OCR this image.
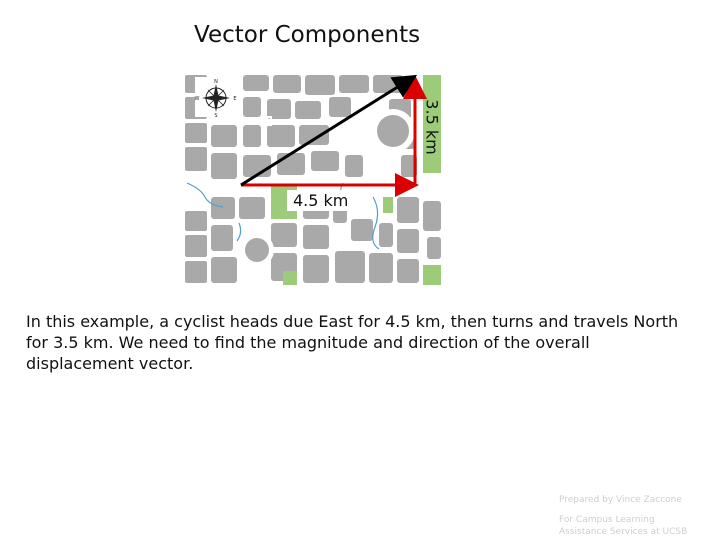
Vector Components
N
E
S
W
4.5 km
3.5 km
In this example, a cyclist heads due East for 4.5 km, then turns and travels North for 3.5 km. We need to find the magnitude and direction of the overall displacement vector.
Prepared by Vince Zaccone
For Campus Learning
Assistance Services at UCSB
